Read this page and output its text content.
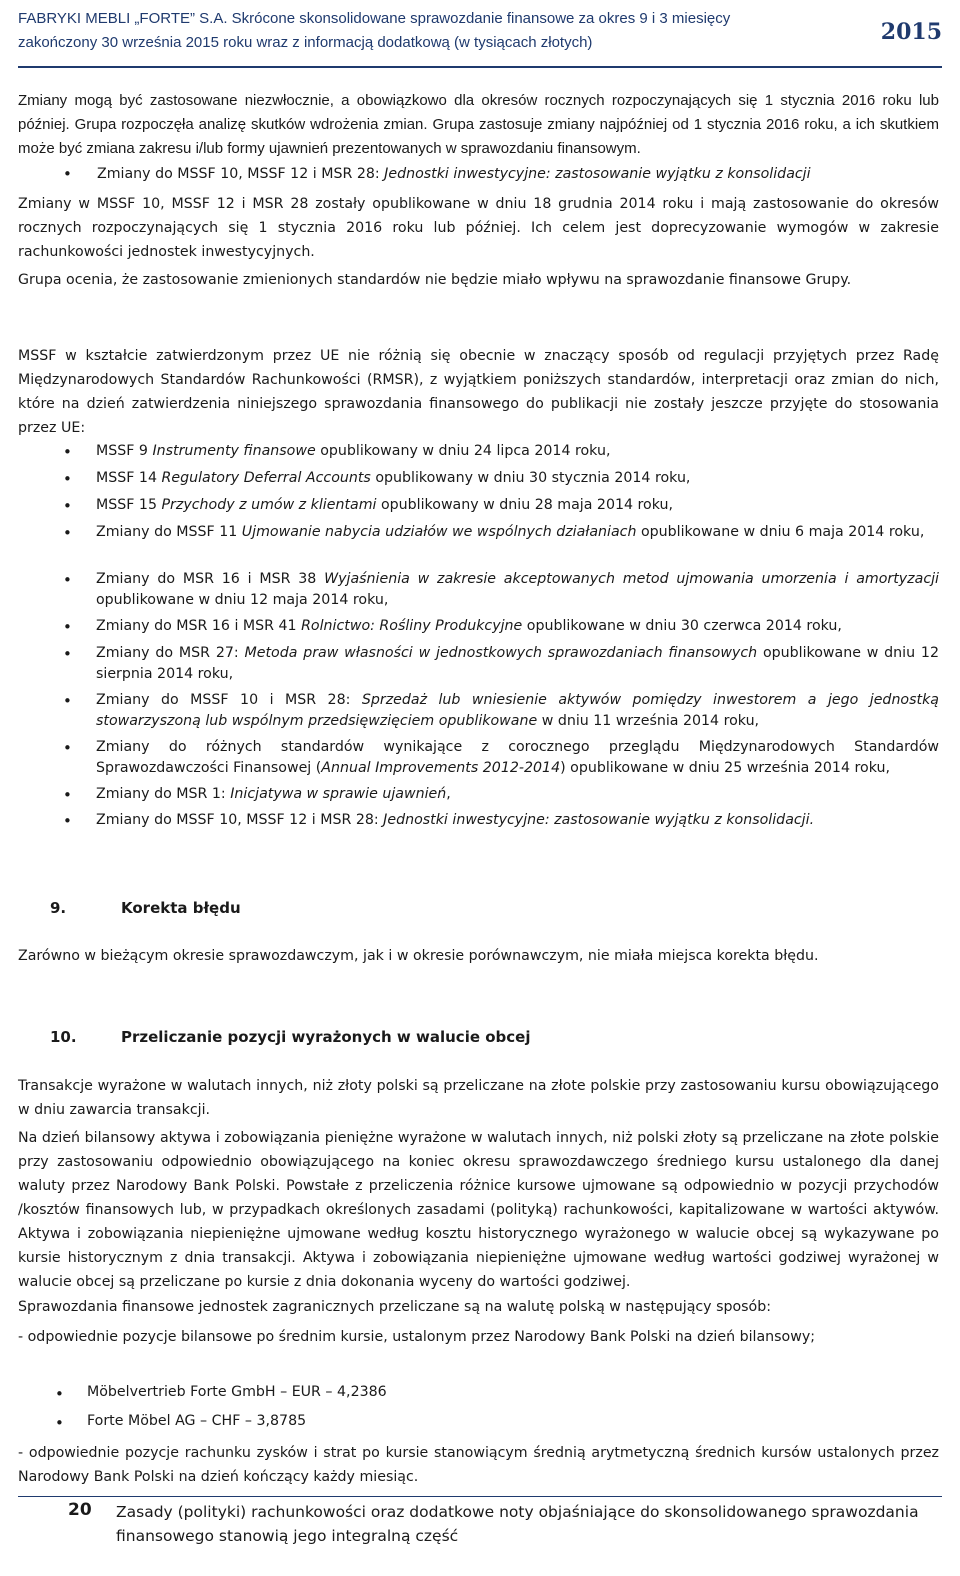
FABRYKI MEBLI „FORTE” S.A. Skrócone skonsolidowane sprawozdanie finansowe za okres 9 i 3 miesięcy
zakończony 30 września 2015 roku wraz z informacją dodatkową (w tysiącach złotych)	2015

Zmiany mogą być zastosowane niezwłocznie, a obowiązkowo dla okresów rocznych rozpoczynających się 1 stycznia 2016 roku lub później. Grupa rozpoczęła analizę skutków wdrożenia zmian. Grupa zastosuje zmiany najpóźniej od 1 stycznia 2016 roku, a ich skutkiem może być zmiana zakresu i/lub formy ujawnień prezentowanych w sprawozdaniu finansowym.

• Zmiany do MSSF 10, MSSF 12 i MSR 28: Jednostki inwestycyjne: zastosowanie wyjątku z konsolidacji

Zmiany w MSSF 10, MSSF 12 i MSR 28 zostały opublikowane w dniu 18 grudnia 2014 roku i mają zastosowanie do okresów rocznych rozpoczynających się 1 stycznia 2016 roku lub później. Ich celem jest doprecyzowanie wymogów w zakresie rachunkowości jednostek inwestycyjnych.

Grupa ocenia, że zastosowanie zmienionych standardów nie będzie miało wpływu na sprawozdanie finansowe Grupy.

MSSF w kształcie zatwierdzonym przez UE nie różnią się obecnie w znaczący sposób od regulacji przyjętych przez Radę Międzynarodowych Standardów Rachunkowości (RMSR), z wyjątkiem poniższych standardów, interpretacji oraz zmian do nich, które na dzień zatwierdzenia niniejszego sprawozdania finansowego do publikacji nie zostały jeszcze przyjęte do stosowania przez UE:

• MSSF 9 Instrumenty finansowe opublikowany w dniu 24 lipca 2014 roku,

• MSSF 14 Regulatory Deferral Accounts opublikowany w dniu 30 stycznia 2014 roku,

• MSSF 15 Przychody z umów z klientami opublikowany w dniu 28 maja 2014 roku,

• Zmiany do MSSF 11 Ujmowanie nabycia udziałów we wspólnych działaniach opublikowane w dniu 6 maja 2014 roku,

• Zmiany do MSR 16 i MSR 38 Wyjaśnienia w zakresie akceptowanych metod ujmowania umorzenia i amortyzacji opublikowane w dniu 12 maja 2014 roku,

• Zmiany do MSR 16 i MSR 41 Rolnictwo: Rośliny Produkcyjne opublikowane w dniu 30 czerwca 2014 roku,

• Zmiany do MSR 27: Metoda praw własności w jednostkowych sprawozdaniach finansowych opublikowane w dniu 12 sierpnia 2014 roku,

• Zmiany do MSSF 10 i MSR 28: Sprzedaż lub wniesienie aktywów pomiędzy inwestorem a jego jednostką stowarzyszoną lub wspólnym przedsięwzięciem opublikowane w dniu 11 września 2014 roku,

• Zmiany do różnych standardów wynikające z corocznego przeglądu Międzynarodowych Standardów Sprawozdawczości Finansowej (Annual Improvements 2012-2014) opublikowane w dniu 25 września 2014 roku,

• Zmiany do MSR 1: Inicjatywa w sprawie ujawnień,

• Zmiany do MSSF 10, MSSF 12 i MSR 28: Jednostki inwestycyjne: zastosowanie wyjątku z konsolidacji.

9.	Korekta błędu

Zarówno w bieżącym okresie sprawozdawczym, jak i w okresie porównawczym, nie miała miejsca korekta błędu.

10.	Przeliczanie pozycji wyrażonych w walucie obcej

Transakcje wyrażone w walutach innych, niż złoty polski są przeliczane na złote polskie przy zastosowaniu kursu obowiązującego w dniu zawarcia transakcji.

Na dzień bilansowy aktywa i zobowiązania pieniężne wyrażone w walutach innych, niż polski złoty są przeliczane na złote polskie przy zastosowaniu odpowiednio obowiązującego na koniec okresu sprawozdawczego średniego kursu ustalonego dla danej waluty przez Narodowy Bank Polski. Powstałe z przeliczenia różnice kursowe ujmowane są odpowiednio w pozycji przychodów /kosztów finansowych lub, w przypadkach określonych zasadami (polityką) rachunkowości, kapitalizowane w wartości aktywów. Aktywa i zobowiązania niepieniężne ujmowane według kosztu historycznego wyrażonego w walucie obcej są wykazywane po kursie historycznym z dnia transakcji. Aktywa i zobowiązania niepieniężne ujmowane według wartości godziwej wyrażonej w walucie obcej są przeliczane po kursie z dnia dokonania wyceny do wartości godziwej.

Sprawozdania finansowe jednostek zagranicznych przeliczane są na walutę polską w następujący sposób:

- odpowiednie pozycje bilansowe po średnim kursie, ustalonym przez Narodowy Bank Polski na dzień bilansowy;

• Möbelvertrieb Forte GmbH – EUR – 4,2386

• Forte Möbel AG – CHF – 3,8785

- odpowiednie pozycje rachunku zysków i strat po kursie stanowiącym średnią arytmetyczną średnich kursów ustalonych przez Narodowy Bank Polski na dzień kończący każdy miesiąc.

20 Zasady (polityki) rachunkowości oraz dodatkowe noty objaśniające do skonsolidowanego sprawozdania finansowego stanowią jego integralną część
